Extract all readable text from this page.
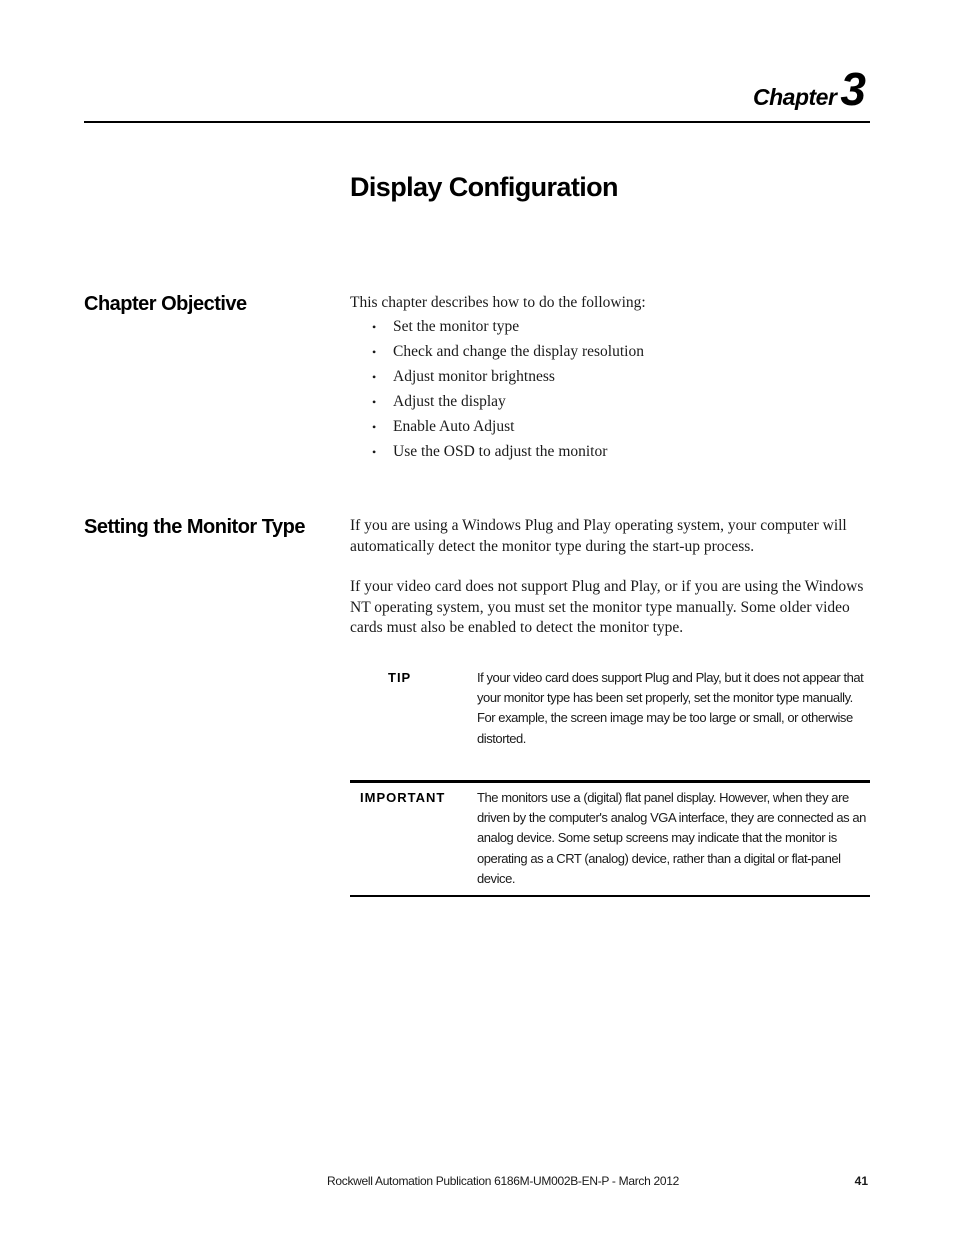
Chapter3
Display Configuration
Chapter Objective	This chapter describes how to do the following:

• Set the monitor type
• Check and change the display resolution
• Adjust monitor brightness
• Adjust the display
• Enable Auto Adjust
• Use the OSD to adjust the monitor
Setting the Monitor Type	If you are using a Windows Plug and Play operating system, your computer will automatically detect the monitor type during the start-up process.

If your video card does not support Plug and Play, or if you are using the Windows NT operating system, you must set the monitor type manually. Some older video cards must also be enabled to detect the monitor type.

TIP	If your video card does support Plug and Play, but it does not appear that your monitor type has been set properly, set the monitor type manually. For example, the screen image may be too large or small, or otherwise distorted.

IMPORTANT The monitors use a (digital) flat panel display. However, when they are driven by the computer's analog VGA interface, they are connected as an analog device. Some setup screens may indicate that the monitor is operating as a CRT (analog) device, rather than a digital or flat-panel device.

Rockwell Automation Publication 6186M-UM002B-EN-P - March 2012	41
